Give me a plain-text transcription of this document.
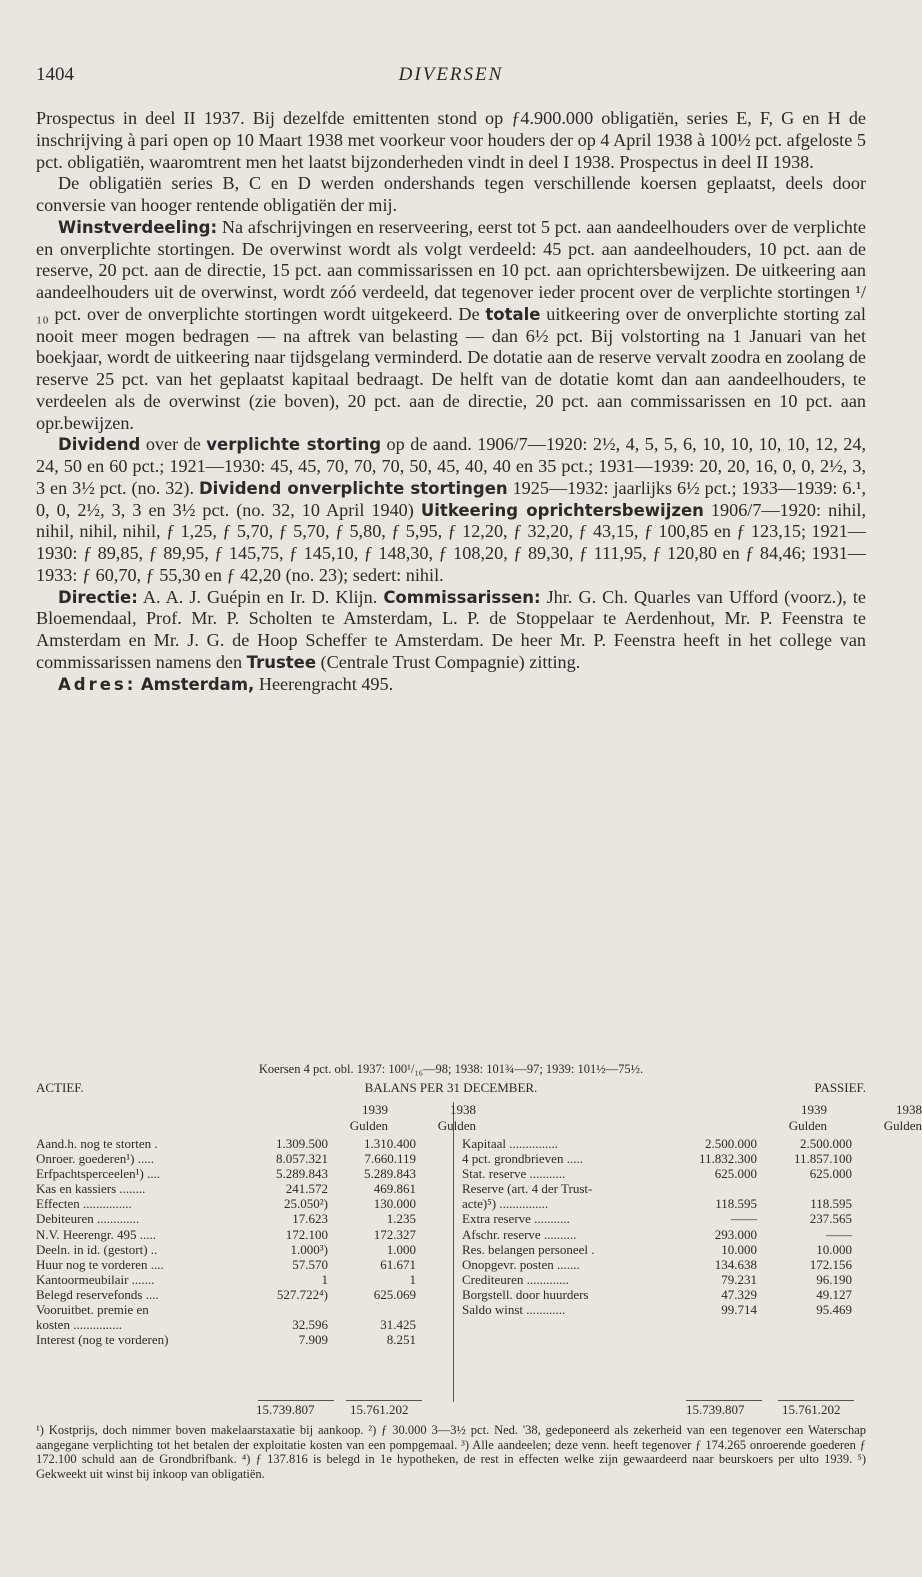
1404	DIVERSEN

Prospectus in deel II 1937. Bij dezelfde emittenten stond op ƒ4.900.000 obligatiën, series E, F, G en H de inschrijving à pari open op 10 Maart 1938 met voorkeur voor houders der op 4 April 1938 à 100½ pct. afgeloste 5 pct. obligatiën, waaromtrent men het laatst bijzonderheden vindt in deel I 1938. Prospectus in deel II 1938.

De obligatiën series B, C en D werden ondershands tegen verschillende koersen geplaatst, deels door conversie van hooger rentende obligatiën der mij.

Winstverdeeling: Na afschrijvingen en reserveering, eerst tot 5 pct. aan aandeelhouders over de verplichte en onverplichte stortingen. De overwinst wordt als volgt verdeeld: 45 pct. aan aandeelhouders, 10 pct. aan de reserve, 20 pct. aan de directie, 15 pct. aan commissarissen en 10 pct. aan oprichtersbewijzen. De uitkeering aan aandeelhouders uit de overwinst, wordt zóó verdeeld, dat tegenover ieder procent over de verplichte stortingen ¹/₁₀ pct. over de onverplichte stortingen wordt uitgekeerd. De totale uitkeering over de onverplichte storting zal nooit meer mogen bedragen — na aftrek van belasting — dan 6½ pct. Bij volstorting na 1 Januari van het boekjaar, wordt de uitkeering naar tijdsgelang verminderd. De dotatie aan de reserve vervalt zoodra en zoolang de reserve 25 pct. van het geplaatst kapitaal bedraagt. De helft van de dotatie komt dan aan aandeelhouders, te verdeelen als de overwinst (zie boven), 20 pct. aan de directie, 20 pct. aan commissarissen en 10 pct. aan opr.bewijzen.

Dividend over de verplichte storting op de aand. 1906/7—1920: 2½, 4, 5, 5, 6, 10, 10, 10, 10, 12, 24, 24, 50 en 60 pct.; 1921—1930: 45, 45, 70, 70, 70, 50, 45, 40, 40 en 35 pct.; 1931—1939: 20, 20, 16, 0, 0, 2½, 3, 3 en 3½ pct. (no. 32). Dividend onverplichte stortingen 1925—1932: jaarlijks 6½ pct.; 1933—1939: 6.¹, 0, 0, 2½, 3, 3 en 3½ pct. (no. 32, 10 April 1940) Uitkeering oprichtersbewijzen 1906/7—1920: nihil, nihil, nihil, nihil, ƒ 1,25, ƒ 5,70, ƒ 5,70, ƒ 5,80, ƒ 5,95, ƒ 12,20, ƒ 32,20, ƒ 43,15, ƒ 100,85 en ƒ 123,15; 1921—1930: ƒ 89,85, ƒ 89,95, ƒ 145,75, ƒ 145,10, ƒ 148,30, ƒ 108,20, ƒ 89,30, ƒ 111,95, ƒ 120,80 en ƒ 84,46; 1931—1933: ƒ 60,70, ƒ 55,30 en ƒ 42,20 (no. 23); sedert: nihil.

Directie: A. A. J. Guépin en Ir. D. Klijn. Commissarissen: Jhr. G. Ch. Quarles van Ufford (voorz.), te Bloemendaal, Prof. Mr. P. Scholten te Amsterdam, L. P. de Stoppelaar te Aerdenhout, Mr. P. Feenstra te Amsterdam en Mr. J. G. de Hoop Scheffer te Amsterdam. De heer Mr. P. Feenstra heeft in het college van commissarissen namens den Trustee (Centrale Trust Compagnie) zitting.

Adres: Amsterdam, Heerengracht 495.

Koersen 4 pct. obl. 1937: 100¹/₁₆—98; 1938: 101¾—97; 1939: 101½—75½.
ACTIEF.	BALANS PER 31 DECEMBER.	PASSIEF.
1939

Gulden
1938

Gulden
Aand.h. nog te storten .	1.309.500	1.310.400
Onroer. goederen¹) .....	8.057.321	7.660.119
Erfpachtsperceelen¹) ....	5.289.843	5.289.843
Kas en kassiers ........	241.572	469.861
Effecten ...............	25.050²)	130.000
Debiteuren .............	17.623	1.235
N.V. Heerengr. 495 .....	172.100	172.327
Deeln. in id. (gestort) ..	1.000³)	1.000
Huur nog te vorderen ....	57.570	61.671
Kantoormeubilair .......	1	1
Belegd reservefonds ....	527.722⁴)	625.069
Vooruitbet. premie en
kosten ...............	32.596	31.425
Interest (nog te vorderen)	7.909	8.251
1939

Gulden
1938

Gulden
Kapitaal ...............	2.500.000	2.500.000
4 pct. grondbrieven .....	11.832.300	11.857.100
Stat. reserve ...........	625.000	625.000
Reserve (art. 4 der Trust-
acte)⁵) ...............	118.595	118.595
Extra reserve ...........	——	237.565
Afschr. reserve ..........	293.000	——
Res. belangen personeel .	10.000	10.000
Onopgevr. posten .......	134.638	172.156
Crediteuren .............	79.231	96.190
Borgstell. door huurders	47.329	49.127
Saldo winst ............	99.714	95.469
15.739.807	15.761.202	15.739.807	15.761.202
¹) Kostprijs, doch nimmer boven makelaarstaxatie bij aankoop. ²) ƒ 30.000 3—3½ pct. Ned. '38, gedeponeerd als zekerheid van een tegenover een Waterschap aangegane verplichting tot het betalen der exploitatie kosten van een pompgemaal. ³) Alle aandeelen; deze venn. heeft tegenover ƒ 174.265 onroerende goederen ƒ 172.100 schuld aan de Grondbrifbank. ⁴) ƒ 137.816 is belegd in 1e hypotheken, de rest in effecten welke zijn gewaardeerd naar beurskoers per ulto 1939. ⁵) Gekweekt uit winst bij inkoop van obligatiën.
